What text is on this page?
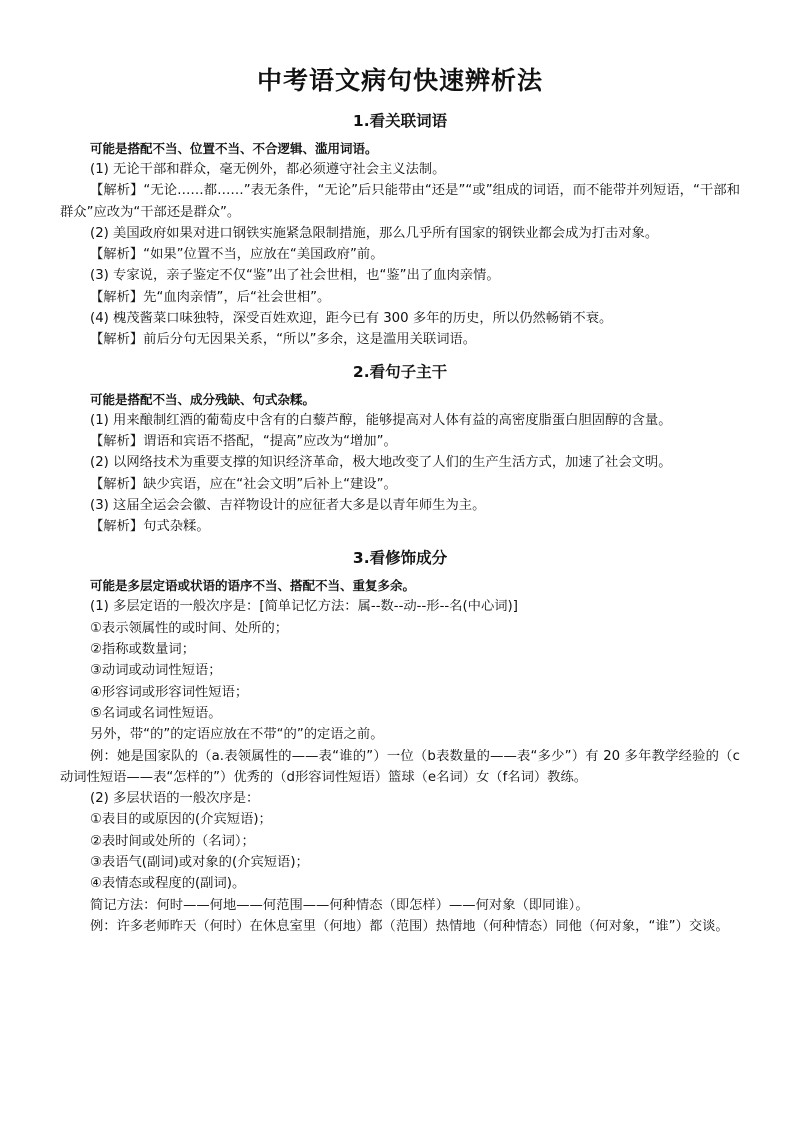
中考语文病句快速辨析法
1.看关联词语
可能是搭配不当、位置不当、不合逻辑、滥用词语。

(1) 无论干部和群众，毫无例外，都必须遵守社会主义法制。

【解析】“无论……都……”表无条件，“无论”后只能带由“还是”“或”组成的词语，而不能带并列短语，“干部和群众”应改为“干部还是群众”。

(2) 美国政府如果对进口钢铁实施紧急限制措施，那么几乎所有国家的钢铁业都会成为打击对象。

【解析】“如果”位置不当，应放在“美国政府”前。

(3) 专家说，亲子鉴定不仅“鉴”出了社会世相，也“鉴”出了血肉亲情。

【解析】先“血肉亲情”，后“社会世相”。

(4) 槐茂酱菜口味独特，深受百姓欢迎，距今已有 300 多年的历史，所以仍然畅销不衰。

【解析】前后分句无因果关系，“所以”多余，这是滥用关联词语。

2.看句子主干
可能是搭配不当、成分残缺、句式杂糅。

(1) 用来酿制红酒的葡萄皮中含有的白藜芦醇，能够提高对人体有益的高密度脂蛋白胆固醇的含量。

【解析】谓语和宾语不搭配，“提高”应改为“增加”。

(2) 以网络技术为重要支撑的知识经济革命，极大地改变了人们的生产生活方式，加速了社会文明。

【解析】缺少宾语，应在“社会文明”后补上“建设”。

(3) 这届全运会会徽、吉祥物设计的应征者大多是以青年师生为主。

【解析】句式杂糅。

3.看修饰成分
可能是多层定语或状语的语序不当、搭配不当、重复多余。

(1) 多层定语的一般次序是：[简单记忆方法：属--数--动--形--名(中心词)]

①表示领属性的或时间、处所的；

②指称或数量词；

③动词或动词性短语；

④形容词或形容词性短语；

⑤名词或名词性短语。

另外，带“的”的定语应放在不带“的”的定语之前。

例：她是国家队的（a.表领属性的——表“谁的”）一位（b表数量的——表“多少”）有 20 多年教学经验的（c动词性短语——表“怎样的”）优秀的（d形容词性短语）篮球（e名词）女（f名词）教练。

(2) 多层状语的一般次序是：

①表目的或原因的(介宾短语)；

②表时间或处所的（名词）；

③表语气(副词)或对象的(介宾短语)；

④表情态或程度的(副词)。

简记方法：何时——何地——何范围——何种情态（即怎样）——何对象（即同谁）。

例：许多老师昨天（何时）在休息室里（何地）都（范围）热情地（何种情态）同他（何对象，“谁”）交谈。
